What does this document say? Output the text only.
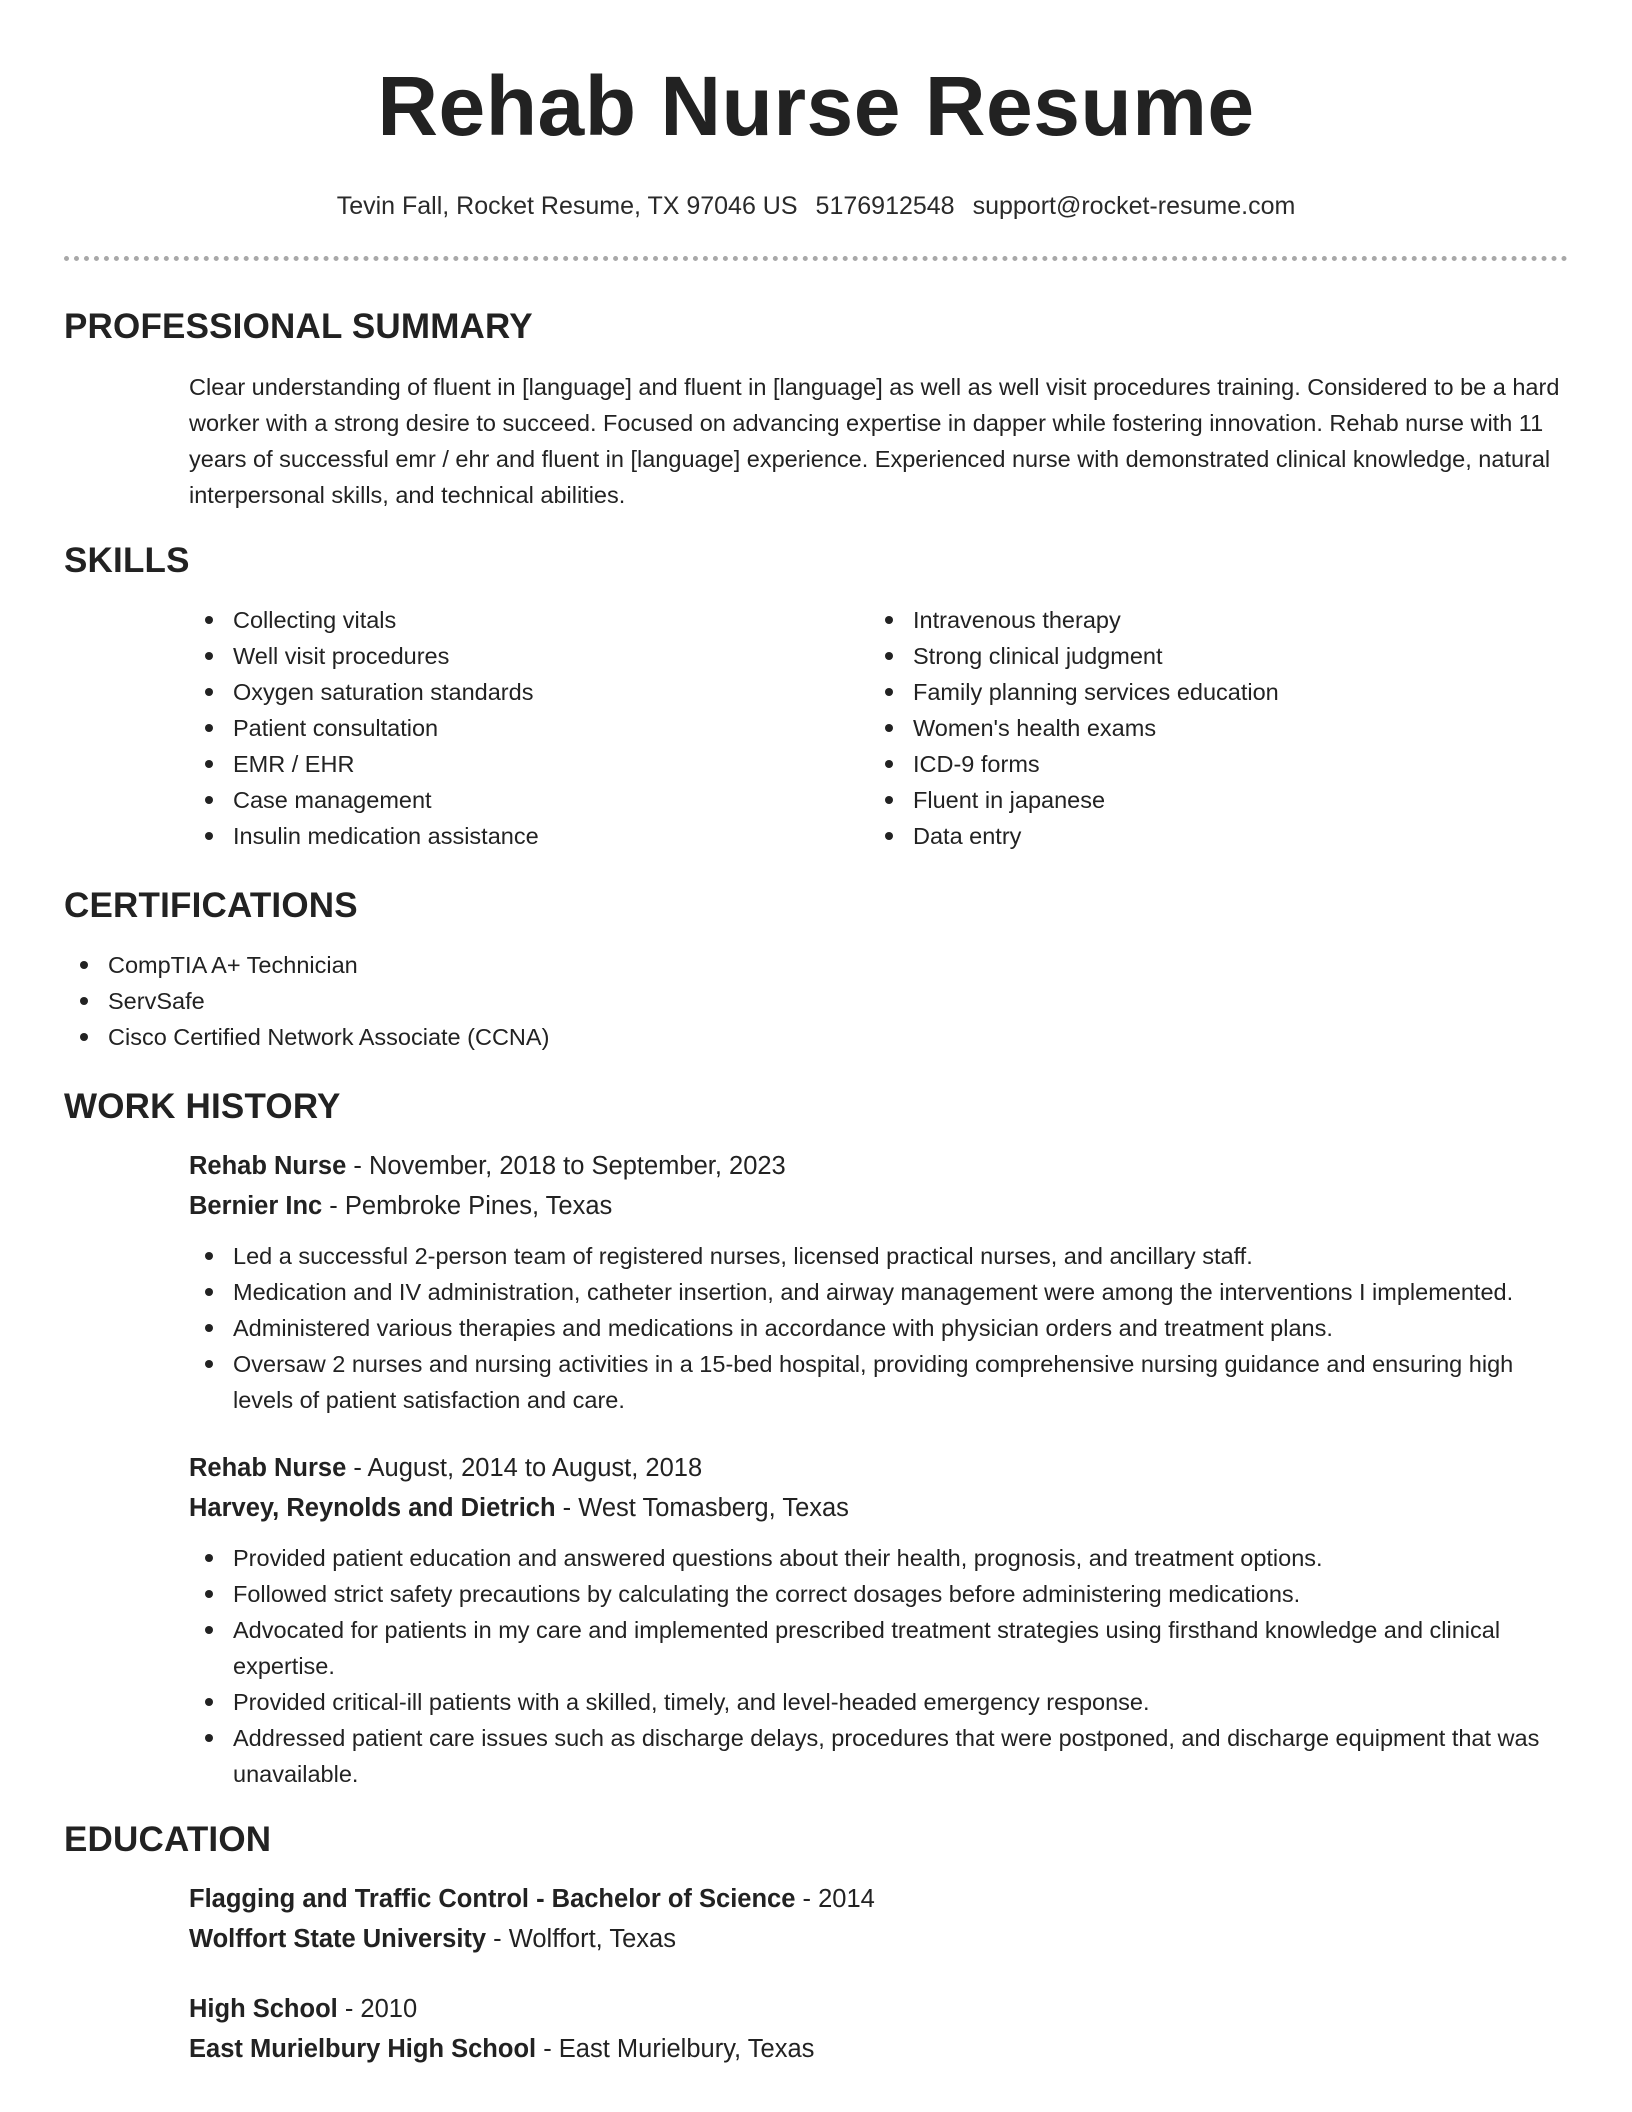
Rehab Nurse Resume
Tevin Fall, Rocket Resume, TX 97046 US 5176912548 support@rocket-resume.com
PROFESSIONAL SUMMARY

Clear understanding of fluent in [language] and fluent in [language] as well as well visit procedures training. Considered to be a hard worker with a strong desire to succeed. Focused on advancing expertise in dapper while fostering innovation. Rehab nurse with 11 years of successful emr / ehr and fluent in [language] experience. Experienced nurse with demonstrated clinical knowledge, natural interpersonal skills, and technical abilities.

SKILLS
Collecting vitals
Well visit procedures
Oxygen saturation standards
Patient consultation
EMR / EHR
Case management
Insulin medication assistance
Intravenous therapy
Strong clinical judgment
Family planning services education
Women's health exams
ICD-9 forms
Fluent in japanese
Data entry
CERTIFICATIONS
CompTIA A+ Technician
ServSafe
Cisco Certified Network Associate (CCNA)
WORK HISTORY
Rehab Nurse - November, 2018 to September, 2023
Bernier Inc - Pembroke Pines, Texas
Led a successful 2-person team of registered nurses, licensed practical nurses, and ancillary staff.
Medication and IV administration, catheter insertion, and airway management were among the interventions I implemented.
Administered various therapies and medications in accordance with physician orders and treatment plans.
Oversaw 2 nurses and nursing activities in a 15-bed hospital, providing comprehensive nursing guidance and ensuring high levels of patient satisfaction and care.
Rehab Nurse - August, 2014 to August, 2018
Harvey, Reynolds and Dietrich - West Tomasberg, Texas
Provided patient education and answered questions about their health, prognosis, and treatment options.
Followed strict safety precautions by calculating the correct dosages before administering medications.
Advocated for patients in my care and implemented prescribed treatment strategies using firsthand knowledge and clinical expertise.
Provided critical-ill patients with a skilled, timely, and level-headed emergency response.
Addressed patient care issues such as discharge delays, procedures that were postponed, and discharge equipment that was unavailable.
EDUCATION
Flagging and Traffic Control - Bachelor of Science - 2014
Wolffort State University - Wolffort, Texas
High School - 2010
East Murielbury High School - East Murielbury, Texas
